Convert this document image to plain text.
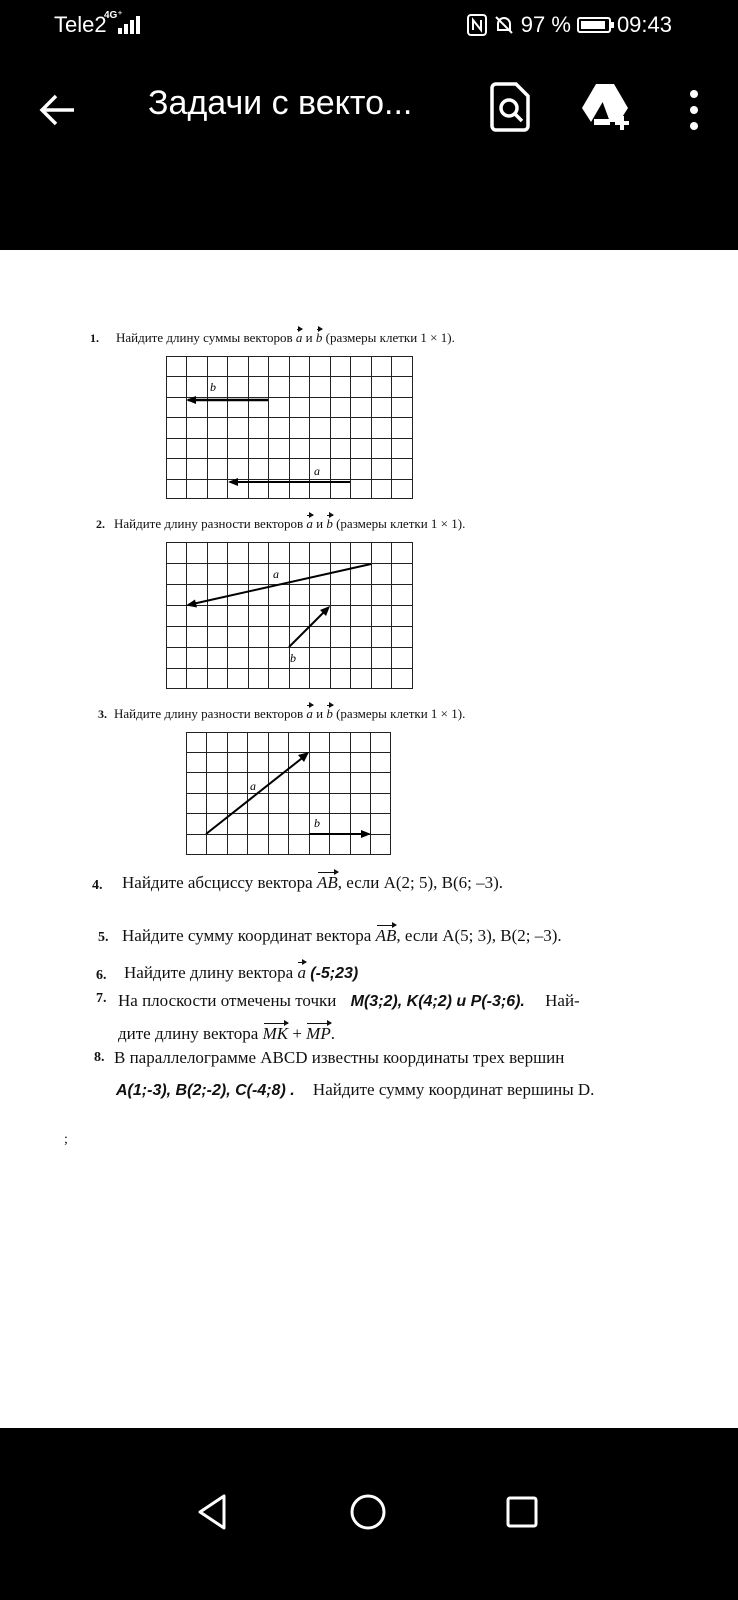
Tele2
4G⁺	97 % 09:43
Задачи с векто...
1. Найдите длину суммы векторов a и b (размеры клетки 1 × 1).
b
a
2. Найдите длину разности векторов a и b (размеры клетки 1 × 1).
a
b
3. Найдите длину разности векторов a и b (размеры клетки 1 × 1).
a
b
4. Найдите абсциссу вектора AB, если A(2; 5), B(6; –3).
5. Найдите сумму координат вектора AB, если A(5; 3), B(2; –3).
6. Найдите длину вектора a (-5;23)
7. На плоскости отмечены точки M(3;2), K(4;2) и P(-3;6). Най-
дите длину вектора MK + MP.
8. В параллелограмме ABCD известны координаты трех вершин
A(1;-3), B(2;-2), C(-4;8) . Найдите сумму координат вершины D.
;
